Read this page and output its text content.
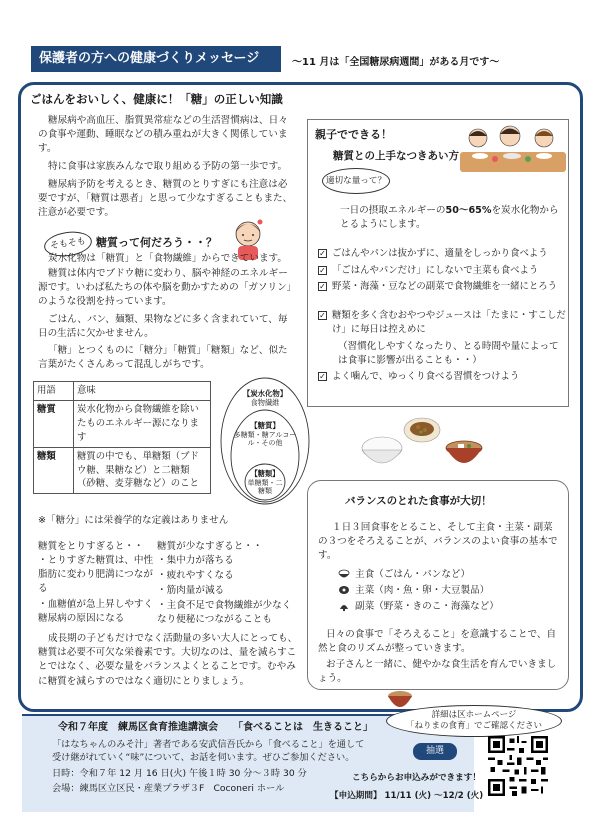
保護者の方への健康づくりメッセージ	～11 月は「全国糖尿病週間」がある月です～
ごはんをおいしく、健康に！「糖」の正しい知識
糖尿病や高血圧、脂質異常症などの生活習慣病は、日々の食事や運動、睡眠などの積み重ねが大きく関係しています。
特に食事は家族みんなで取り組める予防の第一歩です。
糖尿病予防を考えるとき、糖質のとりすぎにも注意は必要ですが、「糖質は悪者」と思って少なすぎることもまた、注意が必要です。
そもそも 糖質って何だろう・・？
炭水化物は「糖質」と「食物繊維」からできています。
糖質は体内でブドウ糖に変わり、脳や神経のエネルギー源です。いわば私たちの体や脳を動かすための「ガソリン」のような役割を持っています。
ごはん、パン、麺類、果物などに多く含まれていて、毎日の生活に欠かせません。
「糖」とつくものに「糖分」「糖質」「糖類」など、似た言葉がたくさんあって混乱しがちです。
用語	意味
糖質	炭水化物から食物繊維を除いたものエネルギー源になります
糖類	糖質の中でも、単糖類（ブドウ糖、果糖など）と二糖類（砂糖、麦芽糖など）のこと
【炭水化物】
食物繊維
【糖質】
多糖類・糖アルコール・その他
【糖類】
単糖類・二糖類
※「糖分」には栄養学的な定義はありません
糖質をとりすぎると・・
・とりすぎた糖質は、中性脂肪に変わり肥満につながる
・血糖値が急上昇しやすく糖尿病の原因になる
糖質が少なすぎると・・
・集中力が落ちる
・疲れやすくなる
・筋肉量が減る
・主食不足で食物繊維が少なくなり便秘につながることも
成長期の子どもだけでなく活動量の多い大人にとっても、糖質は必要不可欠な栄養素です。大切なのは、量を減らすことではなく、必要な量をバランスよくとることです。むやみに糖質を減らすのではなく適切にとりましょう。
親子でできる！
糖質との上手なつきあい方
適切な量って？
一日の摂取エネルギーの50～65%を炭水化物からとるようにします。
✓ ごはんやパンは抜かずに、適量をしっかり食べよう
✓ 「ごはんやパンだけ」にしないで主菜も食べよう
✓ 野菜・海藻・豆などの副菜で食物繊維を一緒にとろう
✓ 糖類を多く含むおやつやジュースは「たまに・すこしだけ」に毎日は控えめに
（習慣化しやすくなったり、とる時間や量によっては食事に影響が出ることも・・）
✓ よく噛んで、ゆっくり食べる習慣をつけよう
バランスのとれた食事が大切！
１日３回食事をとること、そして主食・主菜・副菜の３つをそろえることが、バランスのよい食事の基本です。
主食（ごはん・パンなど）
主菜（肉・魚・卵・大豆製品）
副菜（野菜・きのこ・海藻など）
日々の食事で「そろえること」を意識することで、自然と食のリズムが整っていきます。
お子さんと一緒に、健やかな食生活を育んでいきましょう。
令和７年度　練馬区食育推進講演会　　「食べることは　生きること」
「はなちゃんのみそ汁」著者である安武信吾氏から「食べること」を通して
受け継がれていく“味”について、お話を伺います。ぜひご参加ください。
日時：令和７年 12 月 16 日(火) 午後１時 30 分～３時 30 分
会場：練馬区立区民・産業プラザ３F　Coconeri ホール
詳細は区ホームページ
「ねりまの食育」でご確認ください
抽選
こちらからお申込みができます！
【申込期間】 11/11 (火) ～12/2 (火)
